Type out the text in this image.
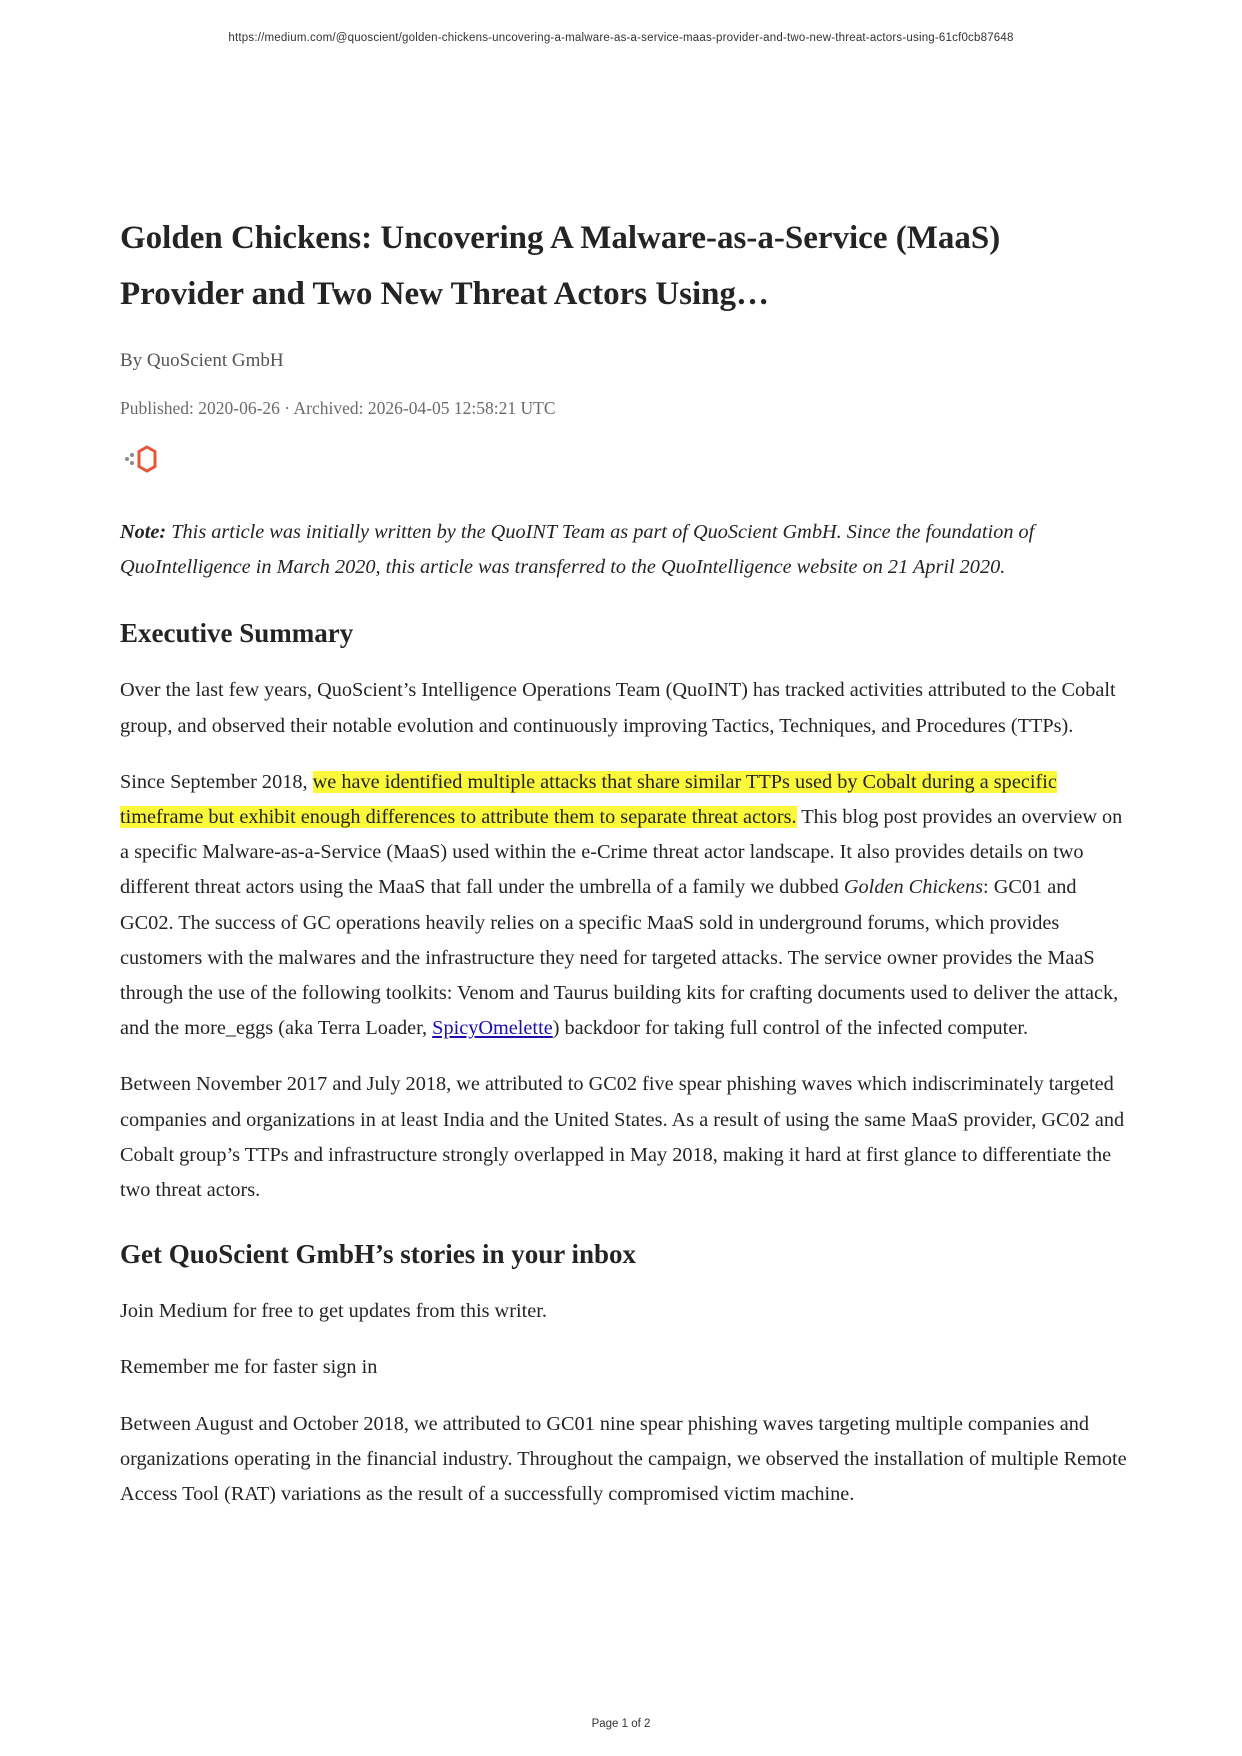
https://medium.com/@quoscient/golden-chickens-uncovering-a-malware-as-a-service-maas-provider-and-two-new-threat-actors-using-61cf0cb87648
Golden Chickens: Uncovering A Malware-as-a-Service (MaaS) Provider and Two New Threat Actors Using…
By QuoScient GmbH
Published: 2020-06-26 · Archived: 2026-04-05 12:58:21 UTC

Note: This article was initially written by the QuoINT Team as part of QuoScient GmbH. Since the foundation of QuoIntelligence in March 2020, this article was transferred to the QuoIntelligence website on 21 April 2020.

Executive Summary

Over the last few years, QuoScient’s Intelligence Operations Team (QuoINT) has tracked activities attributed to the Cobalt group, and observed their notable evolution and continuously improving Tactics, Techniques, and Procedures (TTPs).

Since September 2018, we have identified multiple attacks that share similar TTPs used by Cobalt during a specific timeframe but exhibit enough differences to attribute them to separate threat actors. This blog post provides an overview on a specific Malware-as-a-Service (MaaS) used within the e-Crime threat actor landscape. It also provides details on two different threat actors using the MaaS that fall under the umbrella of a family we dubbed Golden Chickens: GC01 and GC02. The success of GC operations heavily relies on a specific MaaS sold in underground forums, which provides customers with the malwares and the infrastructure they need for targeted attacks. The service owner provides the MaaS through the use of the following toolkits: Venom and Taurus building kits for crafting documents used to deliver the attack, and the more_eggs (aka Terra Loader, SpicyOmelette) backdoor for taking full control of the infected computer.

Between November 2017 and July 2018, we attributed to GC02 five spear phishing waves which indiscriminately targeted companies and organizations in at least India and the United States. As a result of using the same MaaS provider, GC02 and Cobalt group’s TTPs and infrastructure strongly overlapped in May 2018, making it hard at first glance to differentiate the two threat actors.

Get QuoScient GmbH’s stories in your inbox

Join Medium for free to get updates from this writer.

Remember me for faster sign in

Between August and October 2018, we attributed to GC01 nine spear phishing waves targeting multiple companies and organizations operating in the financial industry. Throughout the campaign, we observed the installation of multiple Remote Access Tool (RAT) variations as the result of a successfully compromised victim machine.

Page 1 of 2
